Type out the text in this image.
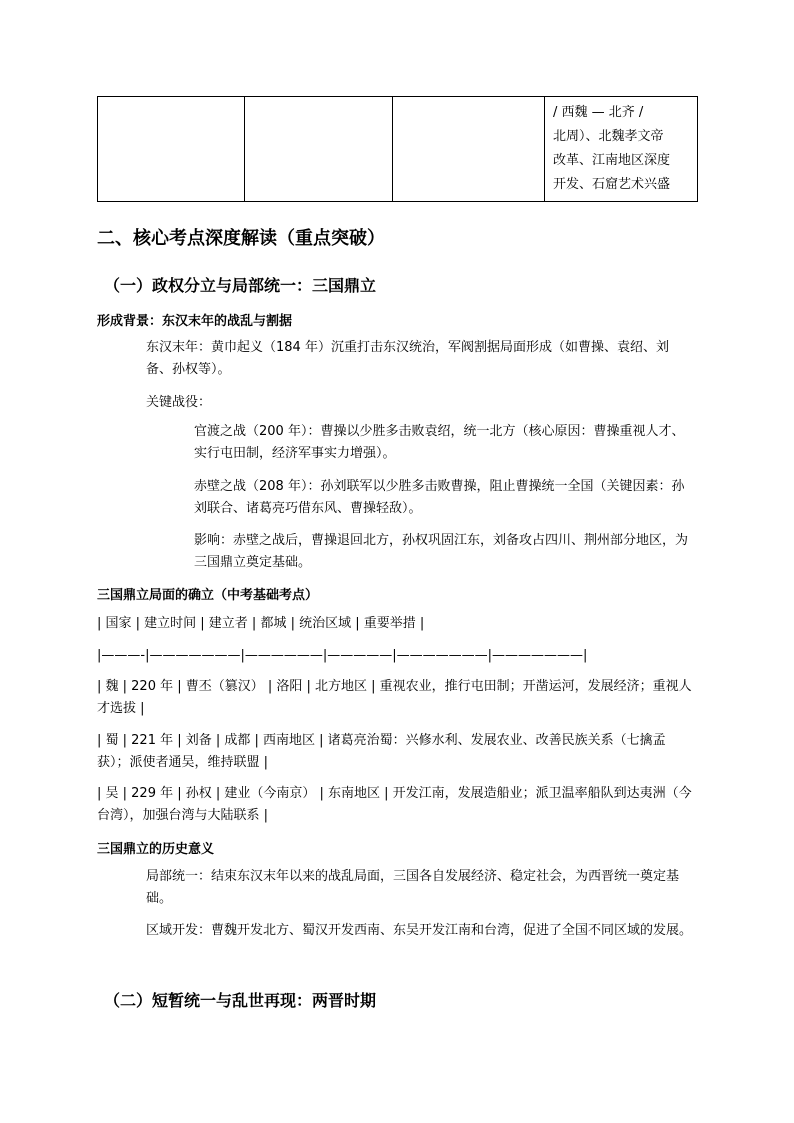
/ 西魏 — 北齐 /
北周）、北魏孝文帝
改革、江南地区深度
开发、石窟艺术兴盛
二、核心考点深度解读（重点突破）
（一）政权分立与局部统一：三国鼎立
形成背景：东汉末年的战乱与割据
东汉末年：黄巾起义（184 年）沉重打击东汉统治，军阀割据局面形成（如曹操、袁绍、刘备、孙权等）。
关键战役：
官渡之战（200 年）：曹操以少胜多击败袁绍，统一北方（核心原因：曹操重视人才、实行屯田制，经济军事实力增强）。
赤壁之战（208 年）：孙刘联军以少胜多击败曹操，阻止曹操统一全国（关键因素：孙刘联合、诸葛亮巧借东风、曹操轻敌）。
影响：赤壁之战后，曹操退回北方，孙权巩固江东，刘备攻占四川、荆州部分地区，为三国鼎立奠定基础。
三国鼎立局面的确立（中考基础考点）
| 国家 | 建立时间 | 建立者 | 都城 | 统治区域 | 重要举措 |
|———-|———————|——————|—————|———————|———————|
| 魏 | 220 年 | 曹丕（篡汉） | 洛阳 | 北方地区 | 重视农业，推行屯田制；开凿运河，发展经济；重视人才选拔 |
| 蜀 | 221 年 | 刘备 | 成都 | 西南地区 | 诸葛亮治蜀：兴修水利、发展农业、改善民族关系（七擒孟获）；派使者通吴，维持联盟 |
| 吴 | 229 年 | 孙权 | 建业（今南京） | 东南地区 | 开发江南，发展造船业；派卫温率船队到达夷洲（今台湾），加强台湾与大陆联系 |
三国鼎立的历史意义
局部统一：结束东汉末年以来的战乱局面，三国各自发展经济、稳定社会，为西晋统一奠定基础。
区域开发：曹魏开发北方、蜀汉开发西南、东吴开发江南和台湾，促进了全国不同区域的发展。
（二）短暂统一与乱世再现：两晋时期
